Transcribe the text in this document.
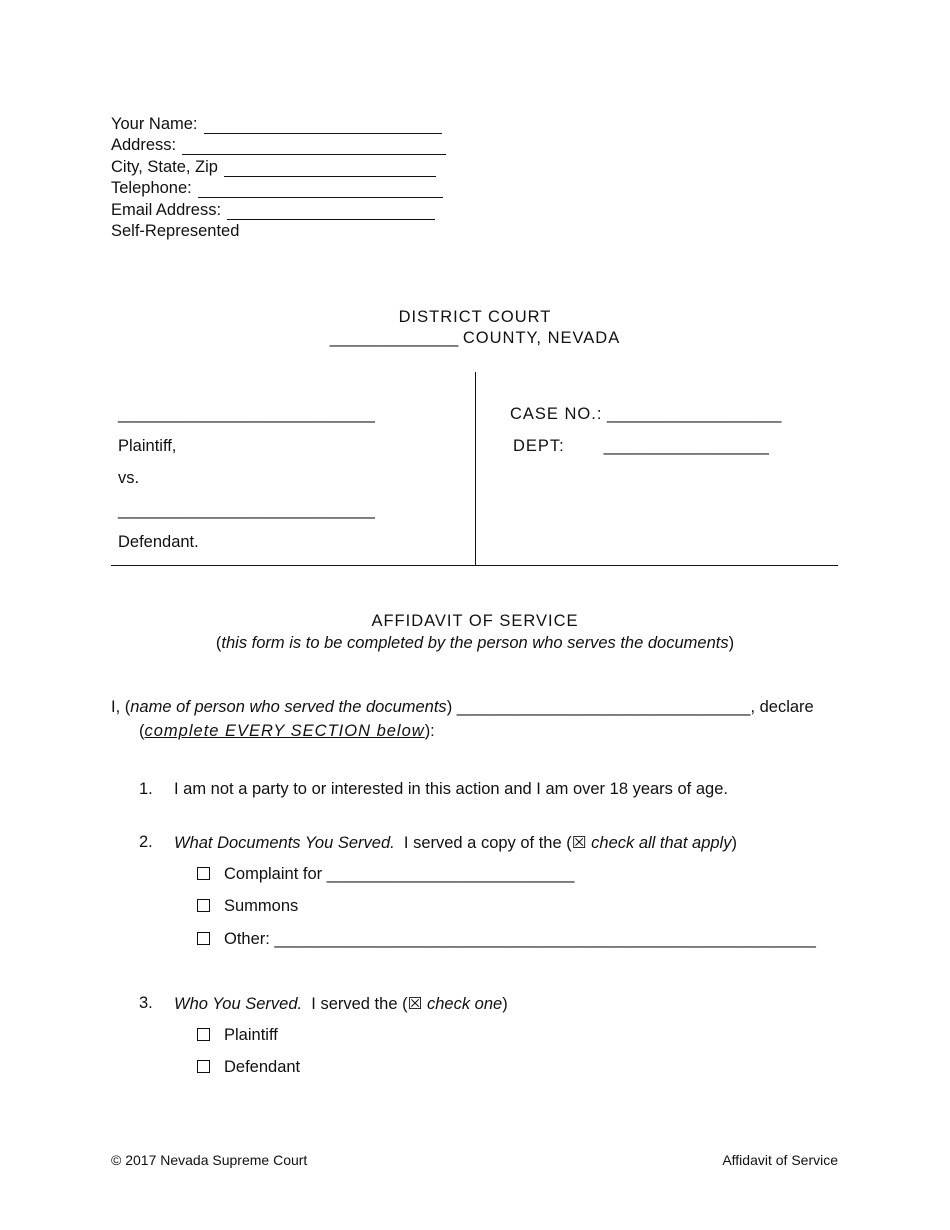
Your Name:
Address:
City, State, Zip
Telephone:
Email Address:
Self-Represented
DISTRICT COURT
______________ COUNTY, NEVADA
____________________________
Plaintiff,
vs.
____________________________
Defendant.
CASE NO.: ___________________
DEPT: __________________
AFFIDAVIT OF SERVICE
(this form is to be completed by the person who serves the documents)
I, (name of person who served the documents) ________________________________, declare
(complete EVERY SECTION below):
1. I am not a party to or interested in this action and I am over 18 years of age.
2. What Documents You Served. I served a copy of the (☒ check all that apply)
Complaint for ___________________________
Summons
Other: ___________________________________________________________
3. Who You Served. I served the (☒ check one)
Plaintiff
Defendant
© 2017 Nevada Supreme Court	Affidavit of Service
